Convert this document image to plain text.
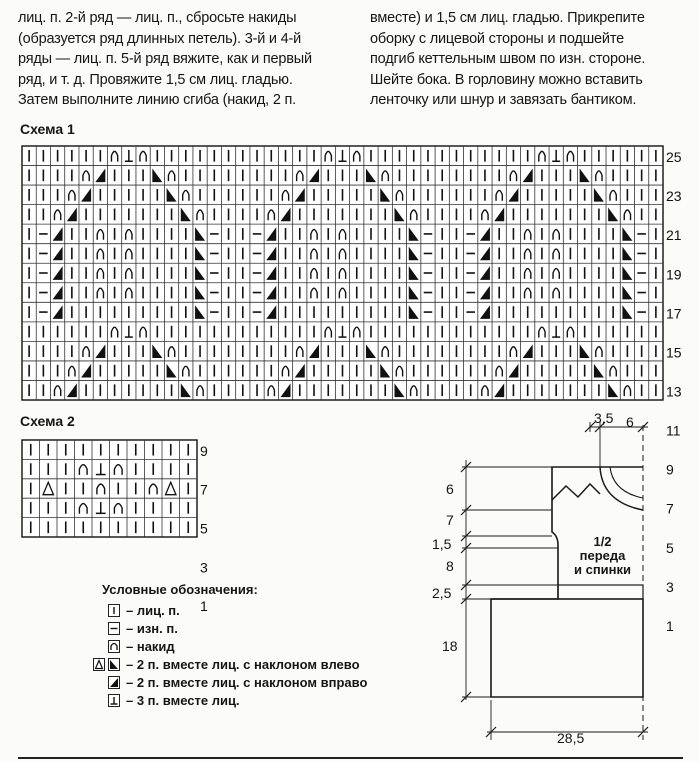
лиц. п. 2-й ряд — лиц. п., сбросьте накиды
(образуется ряд длинных петель). 3-й и 4-й
ряды — лиц. п. 5-й ряд вяжите, как и первый
ряд, и т. д. Провяжите 1,5 см лиц. гладью.
Затем выполните линию сгиба (накид, 2 п.
вместе) и 1,5 см лиц. гладью. Прикрепите
оборку с лицевой стороны и подшейте
подгиб кеттельным швом по изн. стороне.
Шейте бока. В горловину можно вставить
ленточку или шнур и завязать бантиком.
Схема 1
Схема 2
25
23
21
19
17
15
13
11
9
7
5
3
1
9
7
5
3
1
1/2
переда
и спинки
3,5 6
6
7
1,5
8
2,5
18
28,5
Условные обозначения:
– лиц. п.
– изн. п.
– накид
– 2 п. вместе лиц. с наклоном влево
– 2 п. вместе лиц. с наклоном вправо
– 3 п. вместе лиц.
